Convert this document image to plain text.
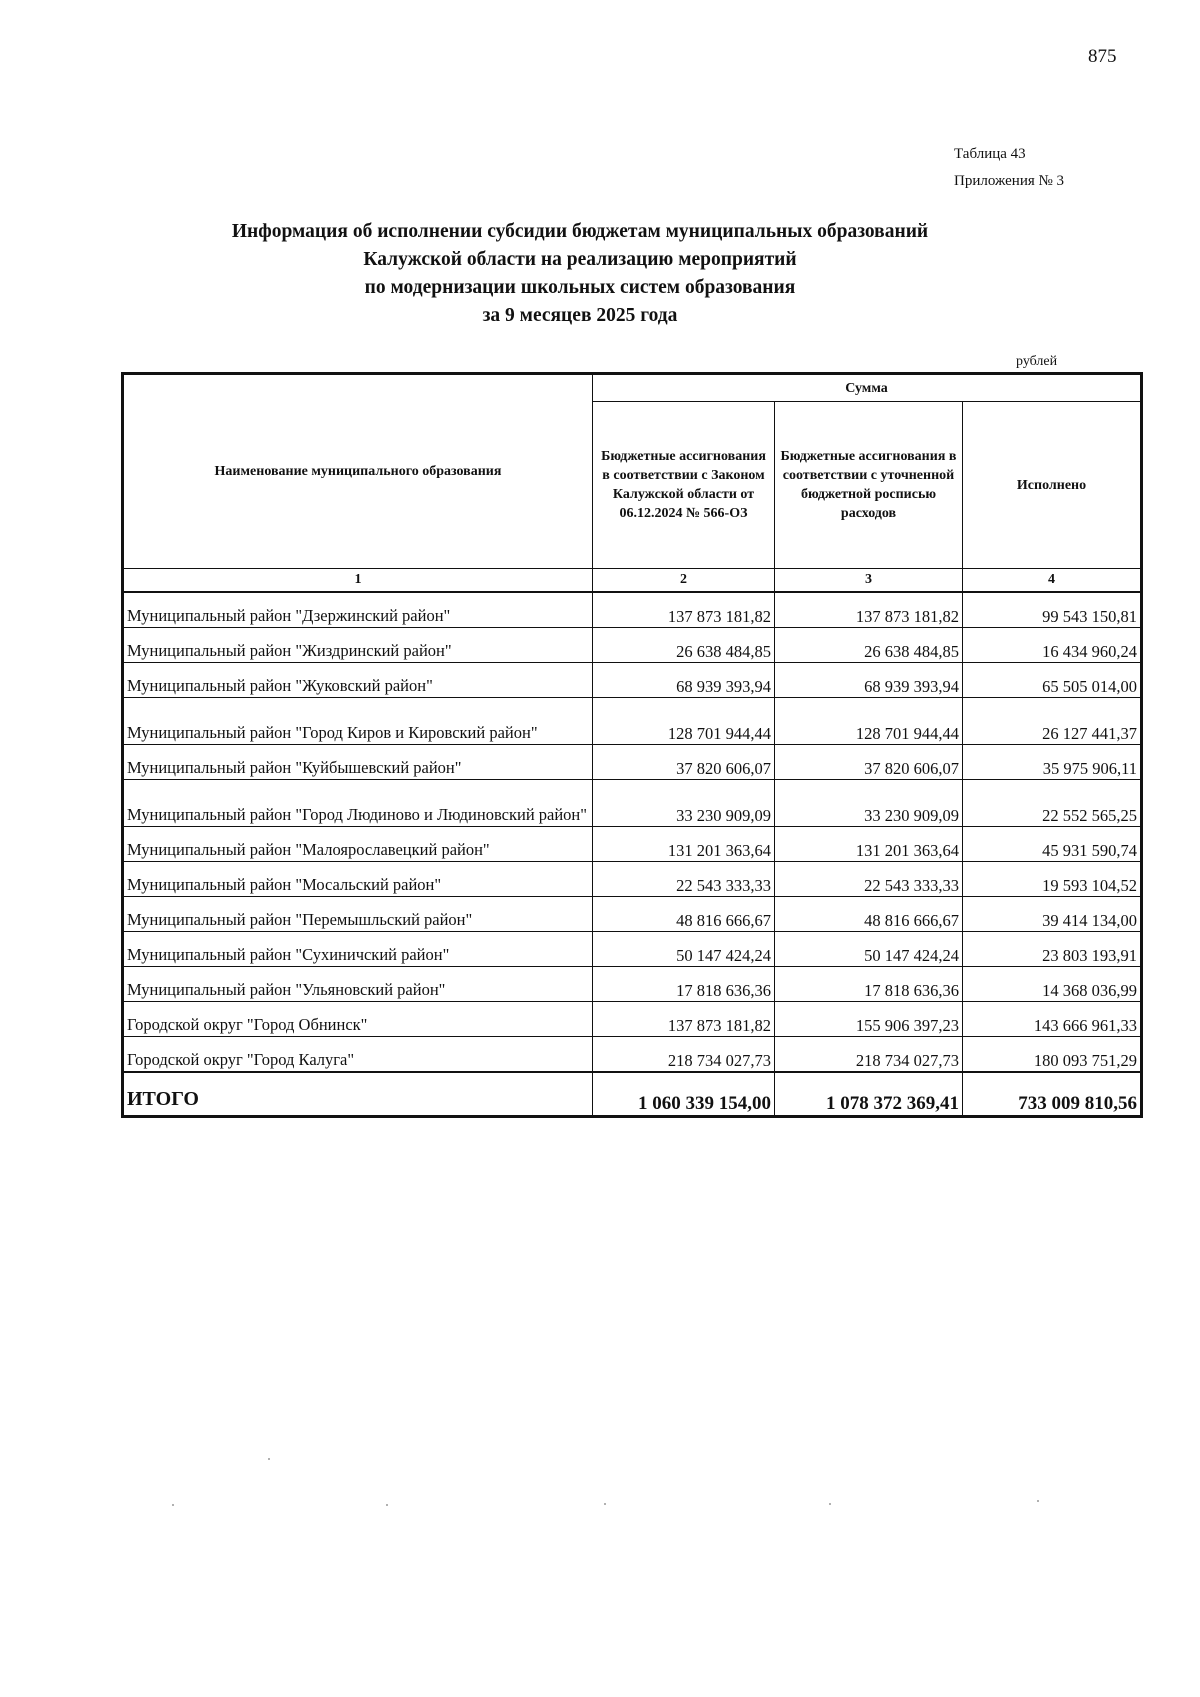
875
Таблица 43
Приложения № 3
Информация об исполнении субсидии бюджетам муниципальных образований
Калужской области на реализацию мероприятий
по модернизации школьных систем образования
за 9 месяцев 2025 года
рублей
Наименование муниципального образования	Сумма		
	Бюджетные ассигнования в соответствии с Законом Калужской области от 06.12.2024 № 566-ОЗ	Бюджетные ассигнования в соответствии с уточненной бюджетной росписью расходов	Исполнено
1	2	3	4
Муниципальный район "Дзержинский район"	137 873 181,82	137 873 181,82	99 543 150,81
Муниципальный район "Жиздринский район"	26 638 484,85	26 638 484,85	16 434 960,24
Муниципальный район "Жуковский район"	68 939 393,94	68 939 393,94	65 505 014,00
Муниципальный район "Город Киров и Кировский район"	128 701 944,44	128 701 944,44	26 127 441,37
Муниципальный район "Куйбышевский район"	37 820 606,07	37 820 606,07	35 975 906,11
Муниципальный район "Город Людиново и Людиновский район"	33 230 909,09	33 230 909,09	22 552 565,25
Муниципальный район "Малоярославецкий район"	131 201 363,64	131 201 363,64	45 931 590,74
Муниципальный район "Мосальский район"	22 543 333,33	22 543 333,33	19 593 104,52
Муниципальный район "Перемышльский район"	48 816 666,67	48 816 666,67	39 414 134,00
Муниципальный район "Сухиничский район"	50 147 424,24	50 147 424,24	23 803 193,91
Муниципальный район "Ульяновский район"	17 818 636,36	17 818 636,36	14 368 036,99
Городской округ "Город Обнинск"	137 873 181,82	155 906 397,23	143 666 961,33
Городской округ "Город Калуга"	218 734 027,73	218 734 027,73	180 093 751,29
ИТОГО	1 060 339 154,00	1 078 372 369,41	733 009 810,56
